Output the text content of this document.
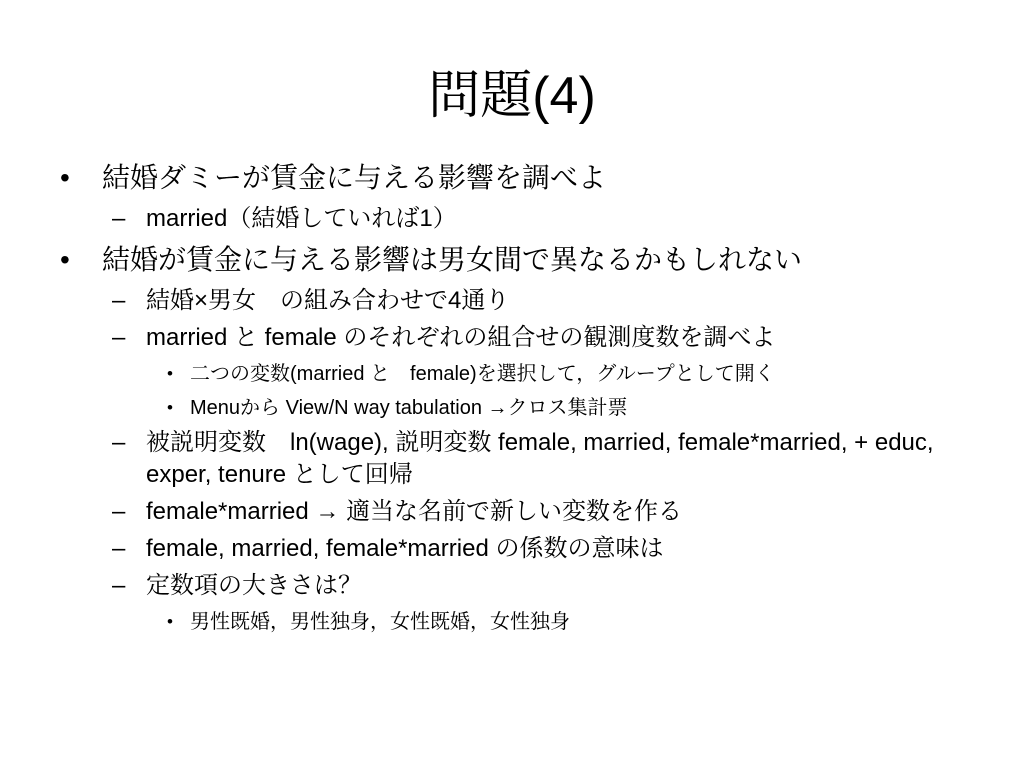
問題(4)
• 結婚ダミーが賃金に与える影響を調べよ
– married（結婚していれば1）
• 結婚が賃金に与える影響は男女間で異なるかもしれない
– 結婚×男女　の組み合わせで4通り
– married と female のそれぞれの組合せの観測度数を調べよ
• 二つの変数(married と　female)を選択して，グループとして開く
• Menuから View/N way tabulation →クロス集計票
– 被説明変数　ln(wage), 説明変数 female, married, female*married, + educ, exper, tenure として回帰
– female*married → 適当な名前で新しい変数を作る
– female, married, female*married の係数の意味は
– 定数項の大きさは？
• 男性既婚，男性独身，女性既婚，女性独身
